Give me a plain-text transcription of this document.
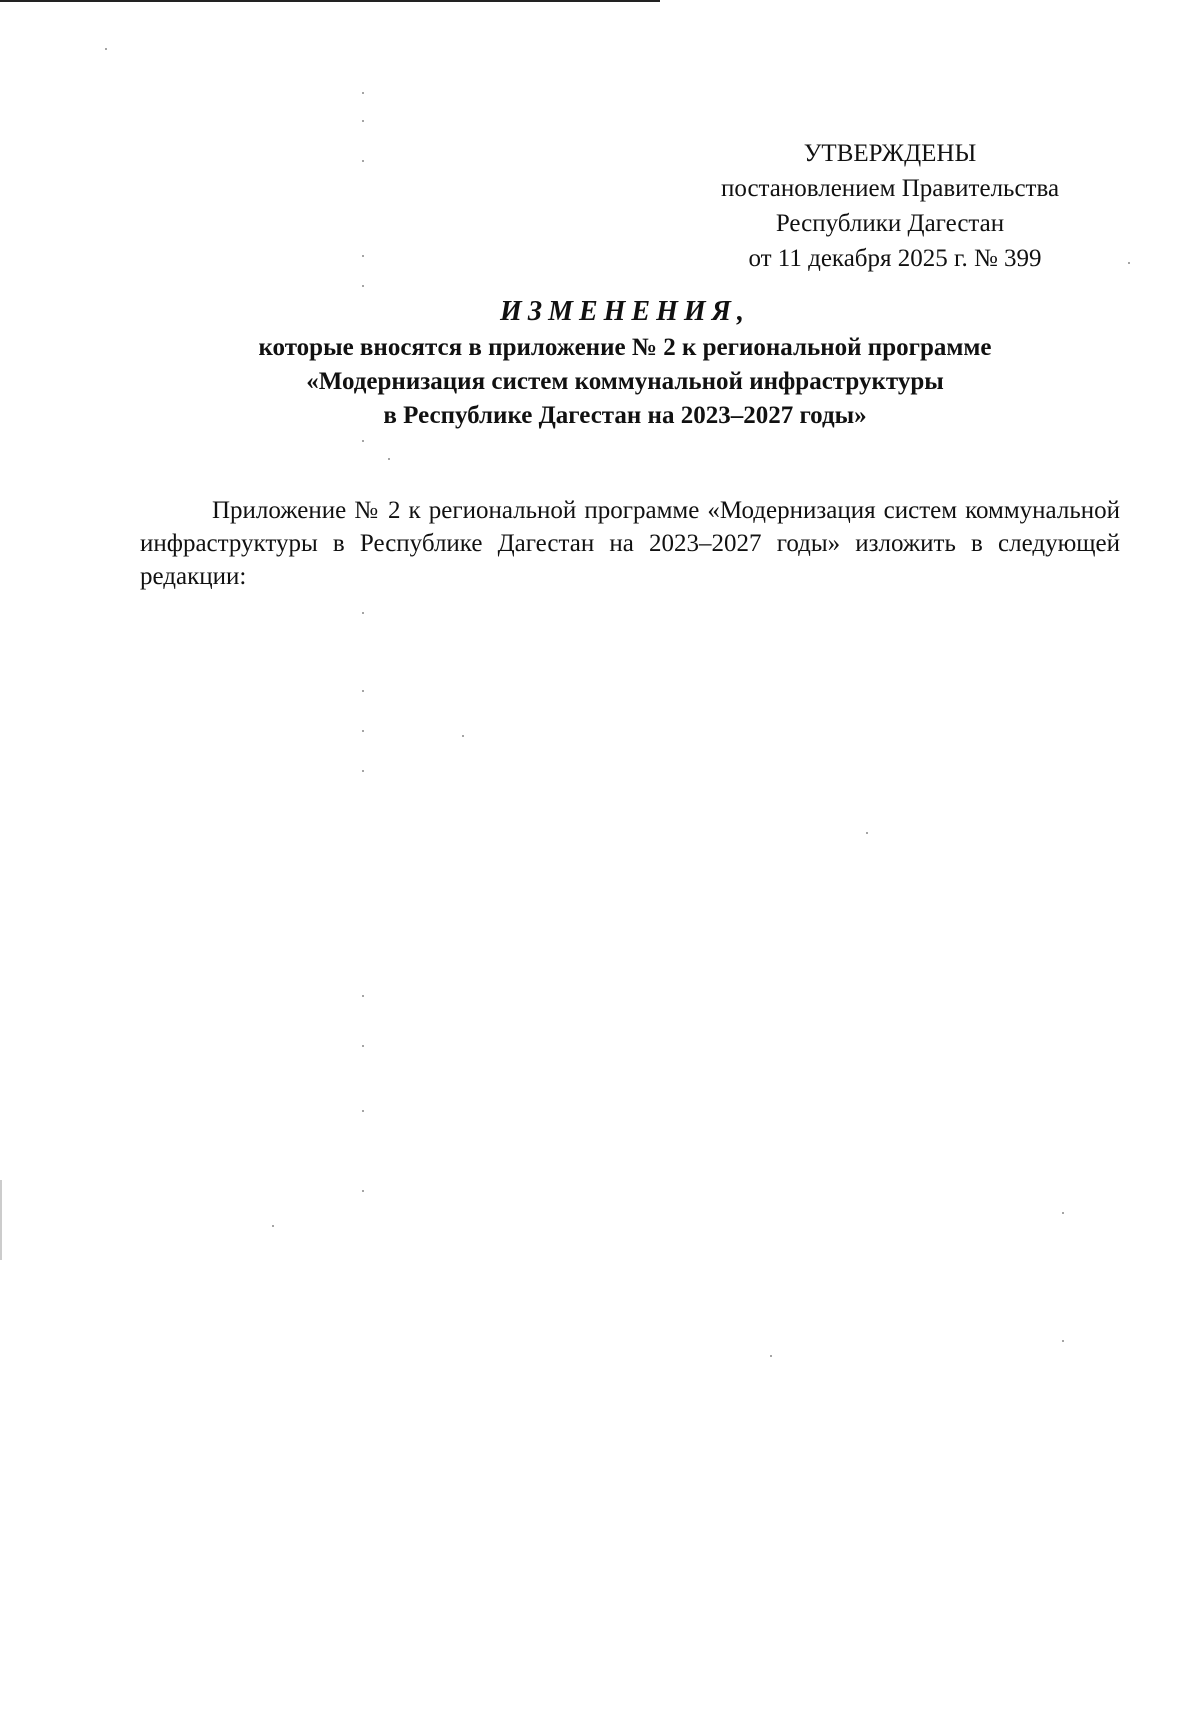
УТВЕРЖДЕНЫ
постановлением Правительства
Республики Дагестан
от 11 декабря 2025 г. № 399
ИЗМЕНЕНИЯ,
которые вносятся в приложение № 2 к региональной программе
«Модернизация систем коммунальной инфраструктуры
в Республике Дагестан на 2023–2027 годы»

Приложение № 2 к региональной программе «Модернизация систем коммунальной инфраструктуры в Республике Дагестан на 2023–2027 годы» изложить в следующей редакции:
